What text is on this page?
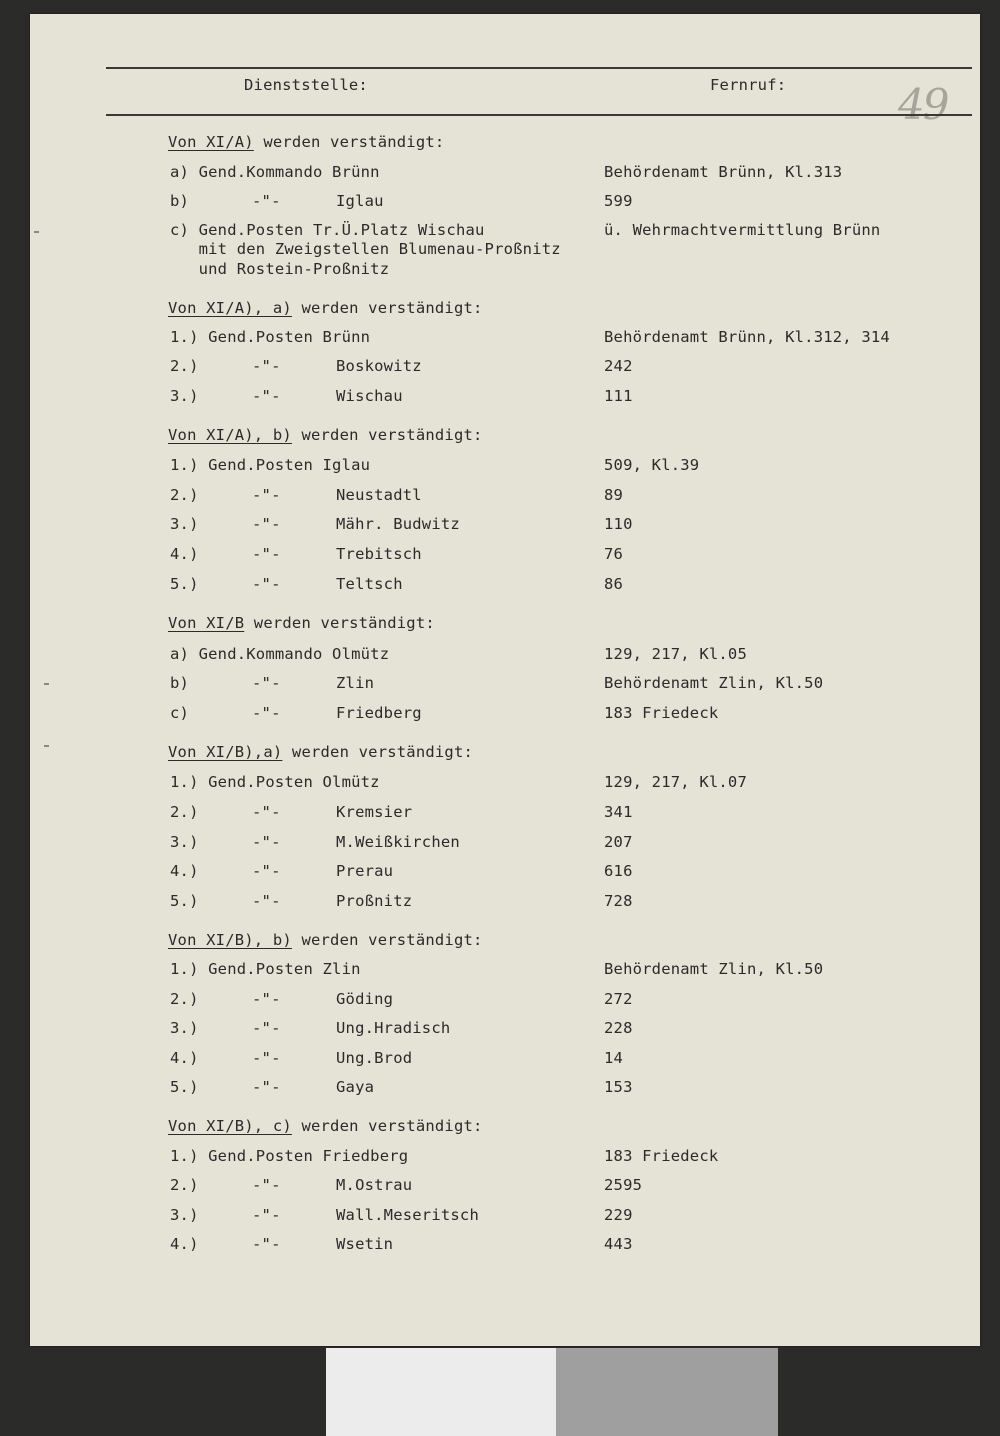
Dienststelle:	Fernruf:	49
Von XI/A) werden verständigt:
a) Gend.Kommando Brünn	Behördenamt Brünn, Kl.313
b)	-"-	Iglau	599
c) Gend.Posten Tr.Ü.Platz Wischau	ü. Wehrmachtvermittlung Brünn
mit den Zweigstellen Blumenau-Proßnitz
und Rostein-Proßnitz
Von XI/A), a) werden verständigt:
1.) Gend.Posten Brünn	Behördenamt Brünn, Kl.312, 314
2.)	-"-	Boskowitz	242
3.)	-"-	Wischau	111
Von XI/A), b) werden verständigt:
1.) Gend.Posten Iglau	509, Kl.39
2.)	-"-	Neustadtl	89
3.)	-"-	Mähr. Budwitz	110
4.)	-"-	Trebitsch	76
5.)	-"-	Teltsch	86
Von XI/B werden verständigt:
a) Gend.Kommando Olmütz	129, 217, Kl.05
b)	-"-	Zlin	Behördenamt Zlin, Kl.50
c)	-"-	Friedberg	183 Friedeck
Von XI/B),a) werden verständigt:
1.) Gend.Posten Olmütz	129, 217, Kl.07
2.)	-"-	Kremsier	341
3.)	-"-	M.Weißkirchen	207
4.)	-"-	Prerau	616
5.)	-"-	Proßnitz	728
Von XI/B), b) werden verständigt:
1.) Gend.Posten Zlin	Behördenamt Zlin, Kl.50
2.)	-"-	Göding	272
3.)	-"-	Ung.Hradisch	228
4.)	-"-	Ung.Brod	14
5.)	-"-	Gaya	153
Von XI/B), c) werden verständigt:
1.) Gend.Posten Friedberg	183 Friedeck
2.)	-"-	M.Ostrau	2595
3.)	-"-	Wall.Meseritsch	229
4.)	-"-	Wsetin	443
